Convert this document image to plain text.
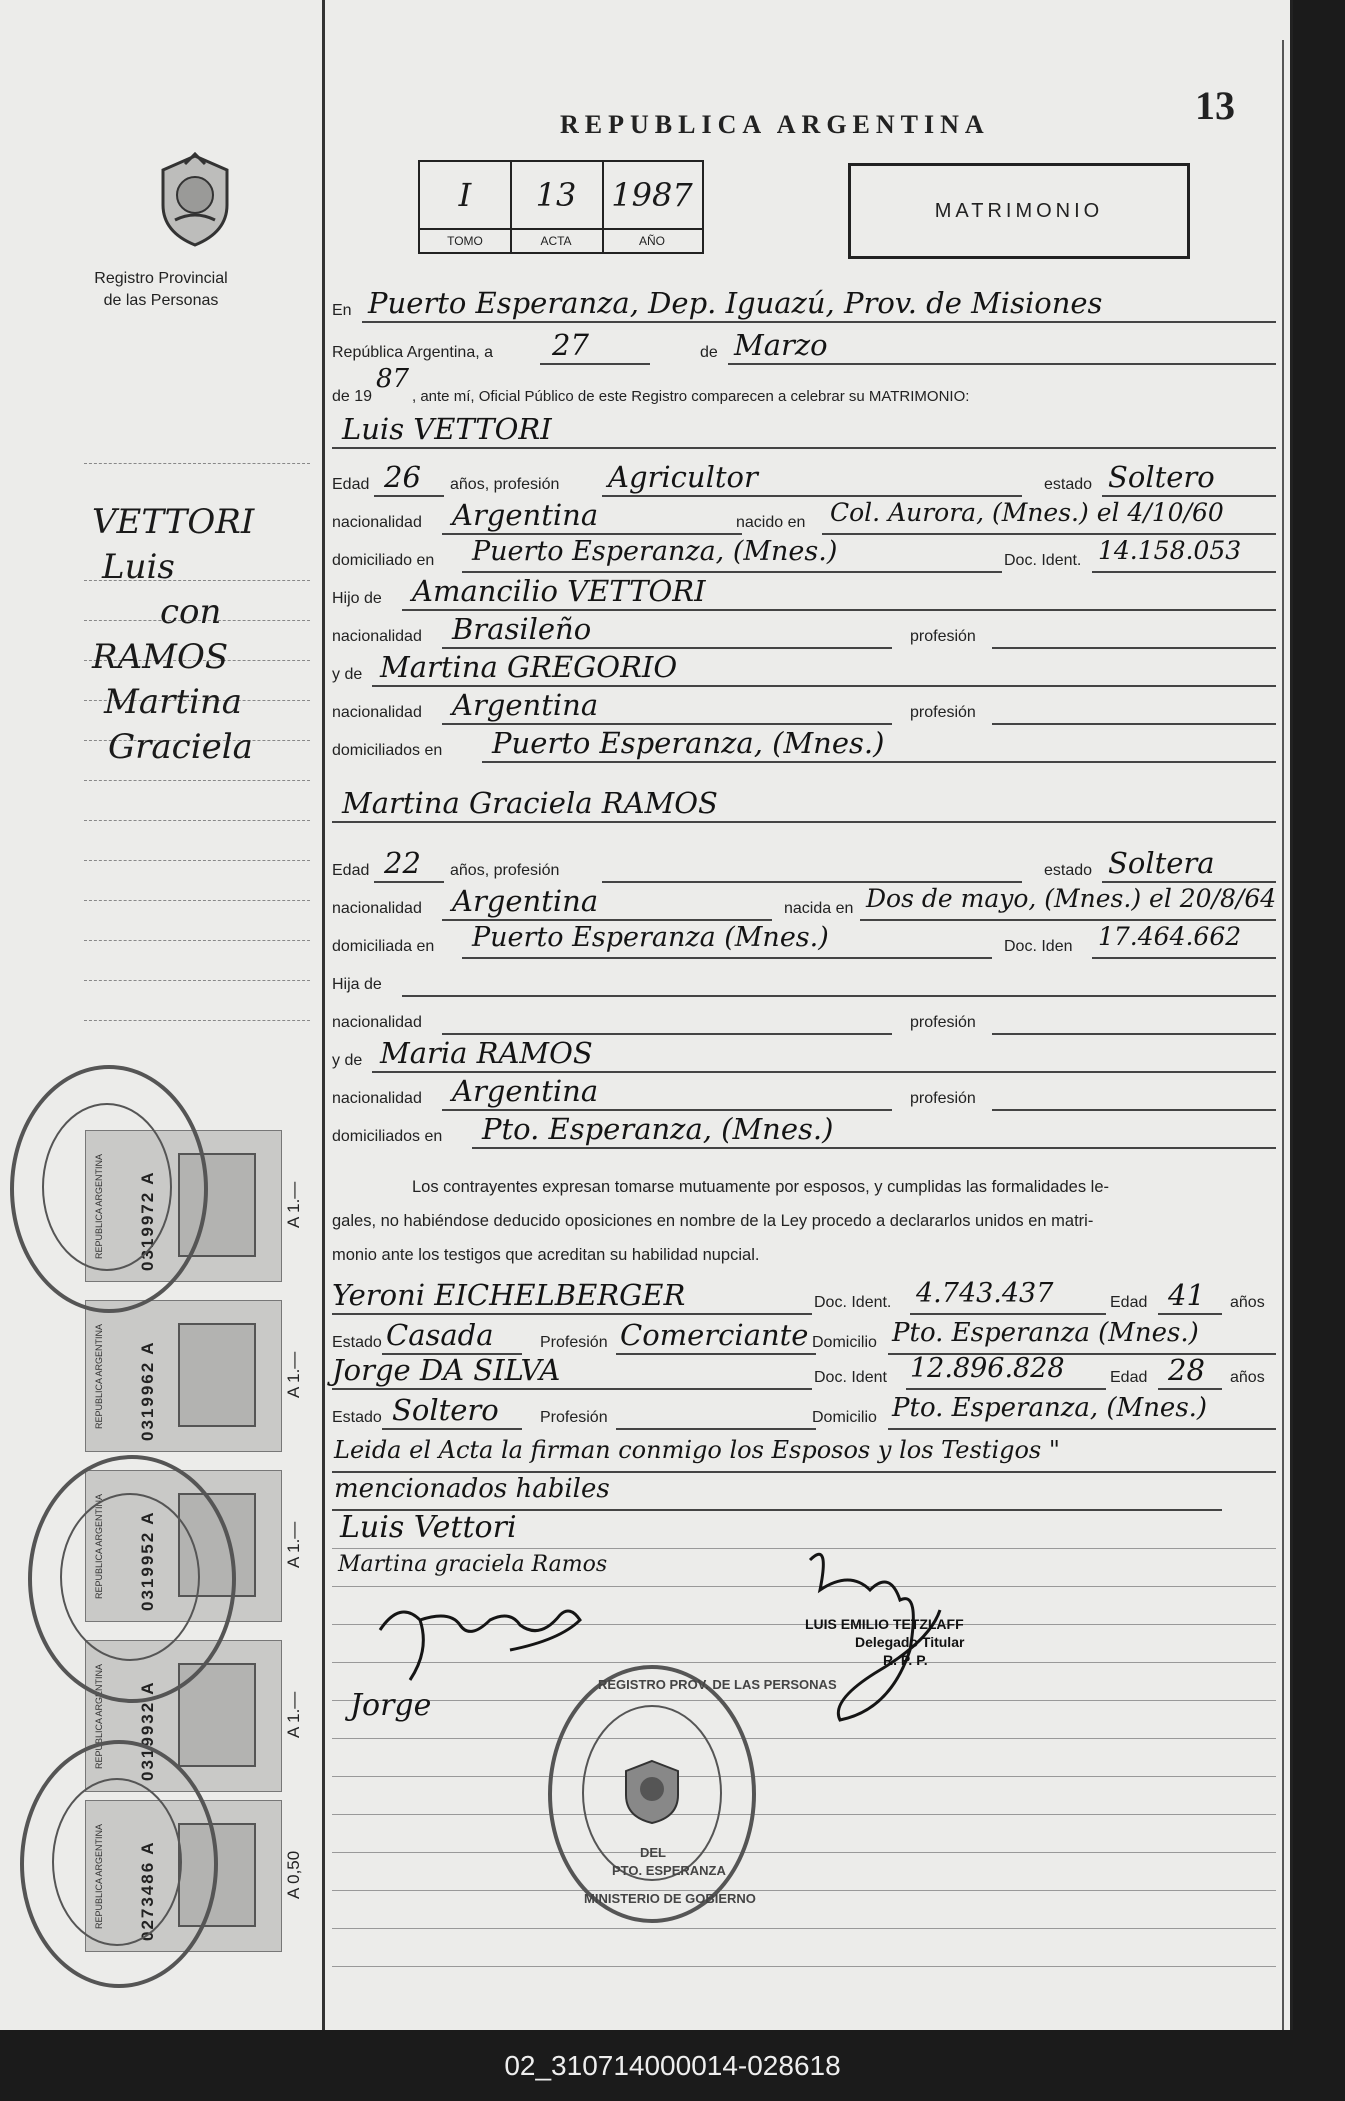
Registro Provincial
de las Personas
VETTORI
Luis
con
RAMOS
Martina
Graciela
REPUBLICA ARGENTINA	0319972 A	A 1.—
REPUBLICA ARGENTINA	0319962 A	A 1.—
REPUBLICA ARGENTINA	0319952 A	A 1.—
REPUBLICA ARGENTINA	0319932 A	A 1.—
REPUBLICA ARGENTINA	0273486 A	A 0,50
REPUBLICA ARGENTINA	13
I
TOMO
13
ACTA
1987
AÑO
MATRIMONIO
En Puerto Esperanza, Dep. Iguazú, Prov. de Misiones
República Argentina, a 27	de Marzo
de 19
87
, ante mí, Oficial Público de este Registro comparecen a celebrar su MATRIMONIO:
Luis VETTORI
Edad 26 años, profesión Agricultor	estado Soltero
nacionalidad Argentina	nacido en Col. Aurora, (Mnes.) el 4/10/60
domiciliado en Puerto Esperanza, (Mnes.)	Doc. Ident. 14.158.053
Hijo de Amancilio VETTORI
nacionalidad Brasileño	profesión
y de Martina GREGORIO
nacionalidad Argentina	profesión
domiciliados en Puerto Esperanza, (Mnes.)
Martina Graciela RAMOS
Edad 22 años, profesión	estado Soltera
nacionalidad Argentina	nacida en Dos de mayo, (Mnes.) el 20/8/64
domiciliada en Puerto Esperanza (Mnes.)	Doc. Iden 17.464.662
Hija de
nacionalidad	profesión
y de Maria RAMOS
nacionalidad Argentina	profesión
domiciliados en Pto. Esperanza, (Mnes.)
Los contrayentes expresan tomarse mutuamente por esposos, y cumplidas las formalidades le-
gales, no habiéndose deducido oposiciones en nombre de la Ley procedo a declararlos unidos en matri-
monio ante los testigos que acreditan su habilidad nupcial.
Yeroni EICHELBERGER	Doc. Ident. 4.743.437	Edad 41 años
Estado Casada	Profesión Comerciante Domicilio Pto. Esperanza (Mnes.)
Jorge DA SILVA	Doc. Ident 12.896.828	Edad 28 años
Estado Soltero	Profesión	Domicilio Pto. Esperanza, (Mnes.)
Leida el Acta la firman conmigo los Esposos y los Testigos "
mencionados habiles
Luis Vettori
Martina graciela Ramos
Jorge
LUIS EMILIO TETZLAFF
Delegado Titular
R. P. P.
REGISTRO PROV. DE LAS PERSONAS
DEL
PTO. ESPERANZA
MINISTERIO DE GOBIERNO
02_310714000014-028618
